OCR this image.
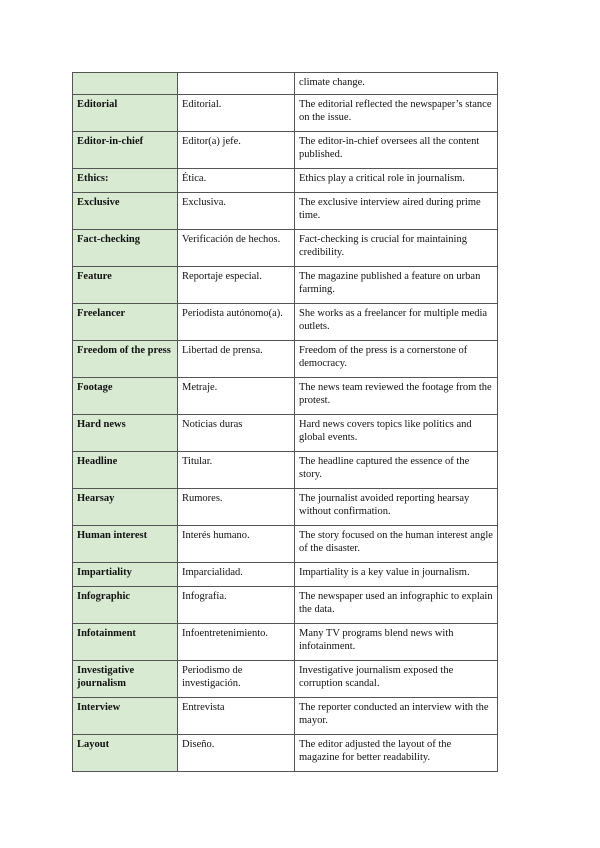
		climate change.
Editorial	Editorial.	The editorial reflected the newspaper’s stance on the issue.
Editor-in-chief	Editor(a) jefe.	The editor-in-chief oversees all the content published.
Ethics:	Ética.	Ethics play a critical role in journalism.
Exclusive	Exclusiva.	The exclusive interview aired during prime time.
Fact-checking	Verificación de hechos.	Fact-checking is crucial for maintaining credibility.
Feature	Reportaje especial.	The magazine published a feature on urban farming.
Freelancer	Periodista autónomo(a).	She works as a freelancer for multiple media outlets.
Freedom of the press	Libertad de prensa.	Freedom of the press is a cornerstone of democracy.
Footage	Metraje.	The news team reviewed the footage from the protest.
Hard news	Noticias duras	Hard news covers topics like politics and global events.
Headline	Titular.	The headline captured the essence of the story.
Hearsay	Rumores.	The journalist avoided reporting hearsay without confirmation.
Human interest	Interés humano.	The story focused on the human interest angle of the disaster.
Impartiality	Imparcialidad.	Impartiality is a key value in journalism.
Infographic	Infografía.	The newspaper used an infographic to explain the data.
Infotainment	Infoentretenimiento.	Many TV programs blend news with infotainment.
Investigative journalism	Periodismo de investigación.	Investigative journalism exposed the corruption scandal.
Interview	Entrevista	The reporter conducted an interview with the mayor.
Layout	Diseño.	The editor adjusted the layout of the magazine for better readability.
